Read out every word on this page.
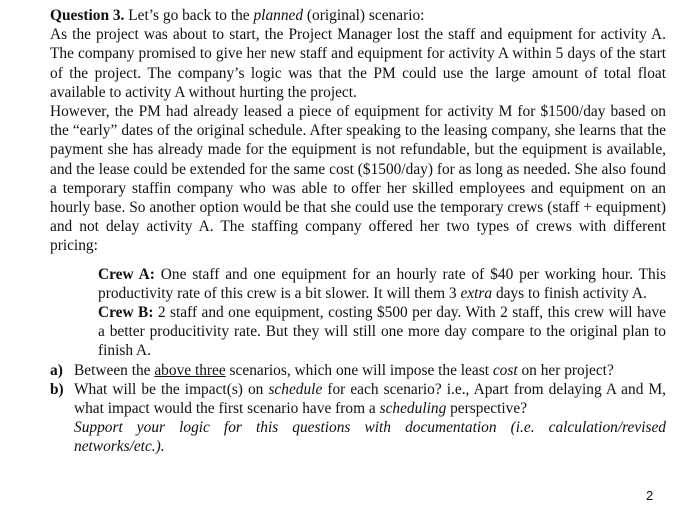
Question 3. Let’s go back to the planned (original) scenario:

As the project was about to start, the Project Manager lost the staff and equipment for activity A. The company promised to give her new staff and equipment for activity A within 5 days of the start of the project. The company’s logic was that the PM could use the large amount of total float available to activity A without hurting the project.

However, the PM had already leased a piece of equipment for activity M for $1500/day based on the “early” dates of the original schedule. After speaking to the leasing company, she learns that the payment she has already made for the equipment is not refundable, but the equipment is available, and the lease could be extended for the same cost ($1500/day) for as long as needed. She also found a temporary staffin company who was able to offer her skilled employees and equipment on an hourly base. So another option would be that she could use the temporary crews (staff + equipment) and not delay activity A. The staffing company offered her two types of crews with different pricing:

Crew A: One staff and one equipment for an hourly rate of $40 per working hour. This productivity rate of this crew is a bit slower. It will them 3 extra days to finish activity A.
Crew B: 2 staff and one equipment, costing $500 per day. With 2 staff, this crew will have a better producitivity rate. But they will still one more day compare to the original plan to finish A.
a) Between the above three scenarios, which one will impose the least cost on her project?
b) What will be the impact(s) on schedule for each scenario? i.e., Apart from delaying A and M, what impact would the first scenario have from a scheduling perspective?

Support your logic for this questions with documentation (i.e. calculation/revised networks/etc.).

2
